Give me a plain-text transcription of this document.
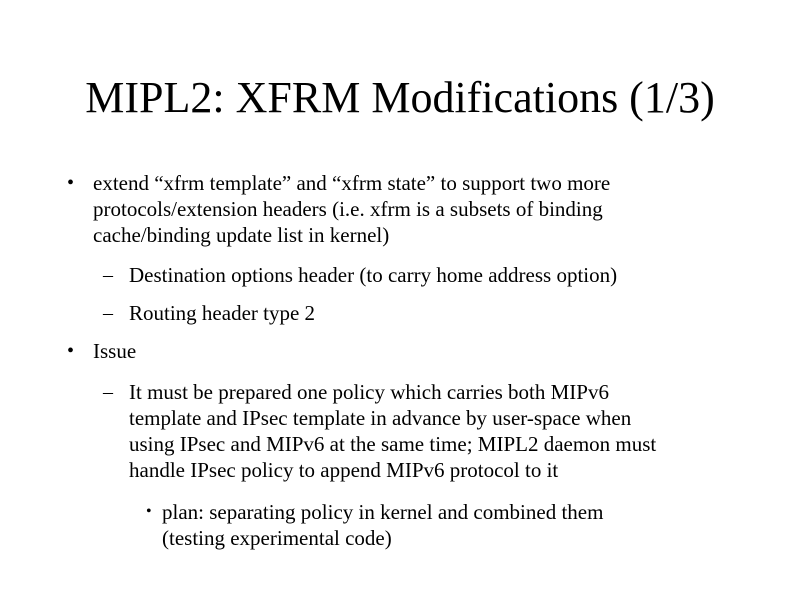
MIPL2: XFRM Modifications (1/3)
• extend “xfrm template” and “xfrm state” to support two more
protocols/extension headers (i.e. xfrm is a subsets of binding
cache/binding update list in kernel)
– Destination options header (to carry home address option)
– Routing header type 2
• Issue
– It must be prepared one policy which carries both MIPv6
template and IPsec template in advance by user-space when
using IPsec and MIPv6 at the same time; MIPL2 daemon must
handle IPsec policy to append MIPv6 protocol to it
• plan: separating policy in kernel and combined them
(testing experimental code)
